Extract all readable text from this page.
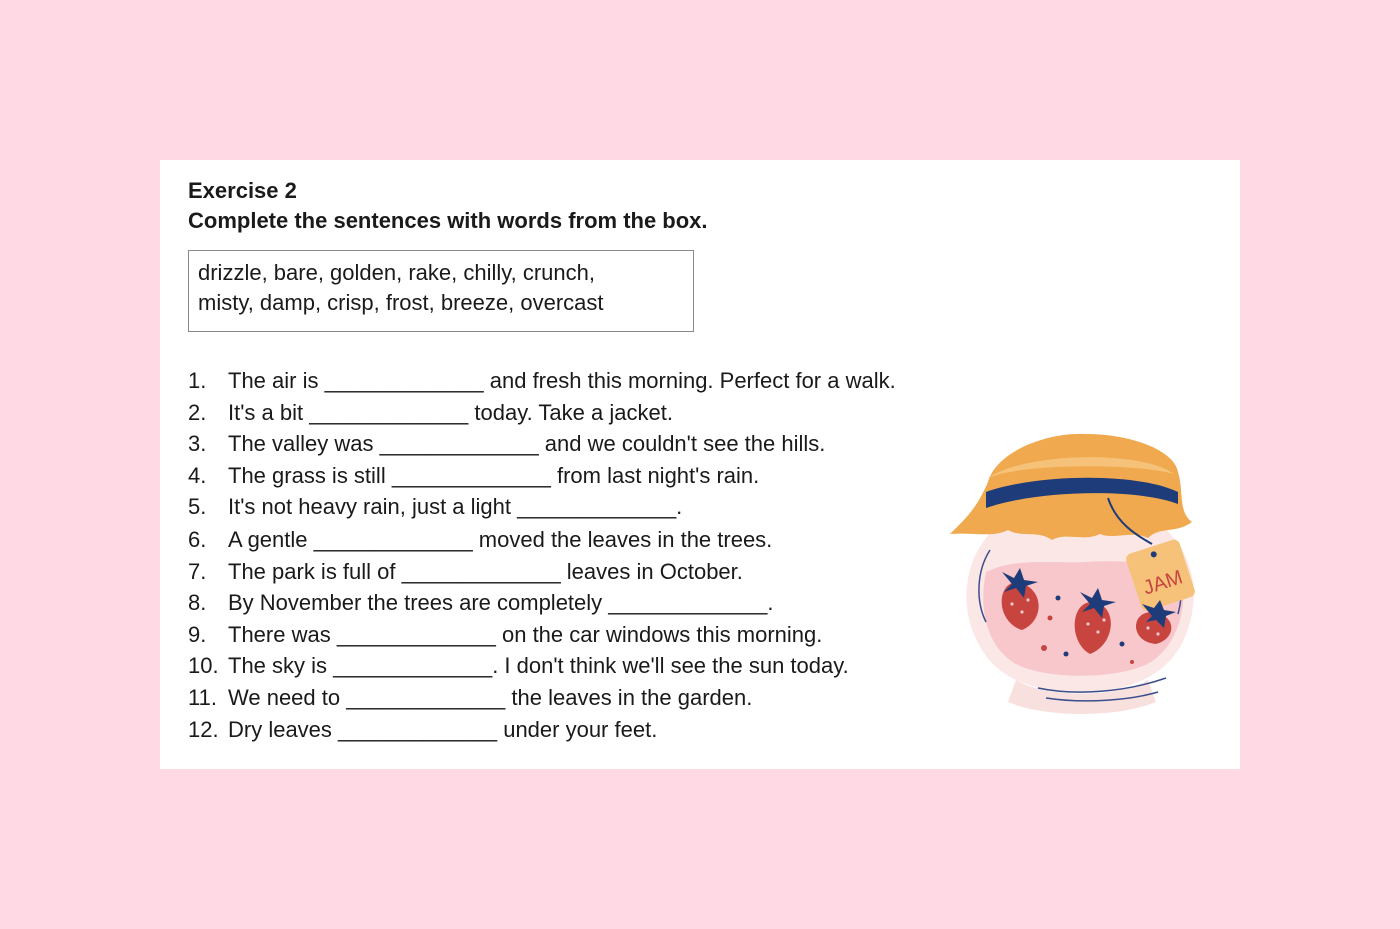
Exercise 2
Complete the sentences with words from the box.
drizzle, bare, golden, rake, chilly, crunch,
misty, damp, crisp, frost, breeze, overcast
1. The air is _____________ and fresh this morning. Perfect for a walk.
2. It's a bit _____________ today. Take a jacket.
3. The valley was _____________ and we couldn't see the hills.
4. The grass is still _____________ from last night's rain.
5. It's not heavy rain, just a light _____________.
6. A gentle _____________ moved the leaves in the trees.
7. The park is full of _____________ leaves in October.
8. By November the trees are completely _____________.
9. There was _____________ on the car windows this morning.
10. The sky is _____________. I don't think we'll see the sun today.
11. We need to _____________ the leaves in the garden.
12. Dry leaves _____________ under your feet.
JAM
